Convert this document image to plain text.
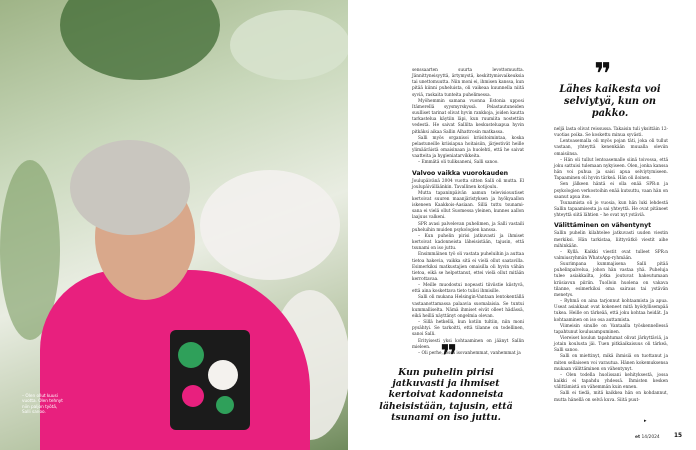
– Olen ollut kuusi vuotta. Olen tehnyt niin paljon työtä, Salli sanoo.

senssaarten suurta levottomuutta. Jännittyneisyyttä, ärtymystä, keskittymisvaikeuksia tai unettomuutta. Niin moni ei, ihmisen kanssa, kun pitää kiinni puheluista, oli vaikeaa kuunnella niitä syviä, raskaita tunteita puhelimessa.

Myöhemmin samana vuonna Estonia upposi Itämerellä syysmyrskyssä. Pelastautuneiden suulliset tarinat olivat hyvin rankkoja, joiden kautta tarkastelua käytiin läpi, kun ruumiita nostettiin vedestä. He saivat Sallilta keskusteluapua hyvin pitkäksi aikaa Sallin Alhattrosin matkassa.

Salli myös organisoi kriisitoimintaa, koska pelastuneille kriisiapua hoitaisiin, järjestivät heille ylimääräistä omaisinaan ja huolehti, että he saivat vaatteita ja hygieniatarvikkeita.

– Emmätä oli tuliksaneni, Salli sanoo.

Valvoo vaikka vuorokauden

Joulupäivänä 2004 vuotta sitten Salli oli mutta. El joulupäivälläänkin. Tavallinen kotijoulu.

Mutta tapaninpäivän aamun televisiouutiset kertoivat suuren maanjäristyksen ja hyökyaallon iskeneen Kaakkois-Aasiaan. Sillä tuttu tsunami-sana ei vielä ollut Suomessa yleinen, kunnes aallon laajuus valkeni.

SPR avasi palvelevan puhelimen, ja Salli vastaili puheluihin muiden psykologien kanssa.

– Kun puhelin pirisi jatkuvasti ja ihmiset kertoivat kadonneista läheisistään, tajusin, että tsunami on iso juttu.

Ensimmäinen työ oli vastata puheluihin ja auttaa tietoa hakevia, vaikka sitä ei vielä ollut saatavilla. Esimerkiksi matkustajien omaisilla oli hyvin vähän tietoa, eikä se helpottanut, ettei vielä ollut mitään kerrottavaa.

– Meille muodostui nopeasti tiiviistie kiistyvä, että aina koskettava tieto tulisi ihmisille.

Salli oli mukana Helsingin-Vantaan lentokentällä vastaanottamassa palaavia suomalaisia. Se tuntui kummalliselta. Nämä ihmiset eivät olleet hädässä, eikä heillä näyttänyt ongelmia olevan.

– Sillä hetkellä, kun kotiin tultiin, niin moni pysähtyi. Se tarkoitti, että tilanne on todellinen, sanoi Salli.

Erityisesti yksi kohtaaminen on jäänyt Sallin mieleen.

– Oli perhe, jossa isovanhemmat, vanhemmat ja

❞
Lähes kaikesta voi selviytyä, kun on pakko.

neljä lasta olivat reissussa. Takaisin tuli yksittäin 12-vuotias poika. Se koskettu minua syvästi.

Lentoasemalla oli myös pojan täti, joka oli tullut vastaan, yhteyttä kenenkään muualla oleviin omaisiinsa.

– Hän oli tullut lentoasemalle siinä toivossa, että joku sattuisi tulemaan nykyiseen. Olen, jonka kanssa hän voi puhua ja saisi apua selviytymiseen. Tapaaminen oli hyvin tärkeä. Hän oli iloinen.

Sen jälkeen häntä ei olla enää SPR:n ja psykologien verkostoihin enää kutsuttu, vaan hän on saanut apua itse.

Tsunamista oli jo vuosia, kun hän luki lehdestä Sallin tapaamisesta ja sai yhteyttä. He ovat pitäneet yhteyttä siitä lähtien – he ovat nyt ystäviä.

Välittäminen on vähentynyt

Sallin puhelin kilahtelee jatkuvasti uuden viestin merkiksi. Hän tarkistaa, liittyvätkö viestit aihe mihinkään.

– Kyllä. Kaikki viestit ovat tulleet SPR:n valmiusryhmän WhatsApp-ryhmään.

Suurimpana kummajisena Salli pitää puhelinpalvelua, johon hän vastaa yhä. Puheluja tulee asiakkailta, jotka joutuvat hakeutumaan kriisiavun piiriin. Tuolloin huolena on vakava tilanne, esimerkiksi oma sairaus tai ystävän menetys.

– Ryhmä on aina tarjonnut kohtaamista ja apua. Useat asiakkaat ovat kokeneet mitä hyödyllisempää tukea. Heille on tärkeää, että joku kohtaa heidät. Ja kohtaaminen on iso osa auttamista.

Viimeisin sinulle on Vantaalla työskennellessä tapahtunut koulusampuminen.

Viereiset koulun tapahtumat olivat järkyttäviä, ja jotain koulusta jäi. Tuen pitkäaikaisuus oli tärkeä, Salli sanoo.

Salli on miettinyt, mikä ihmisiä on tuottanut ja miten sellaiseen voi varautua. Hänen kokemuksensa mukaan välittäminen on vähentynyt.

– Olen todella huolissani kehityksestä, jossa kaikki ei tapahdu yhdessä. Ihmisten kesken välittämistä on vähemmän kuin ennen.

Salli ei tiedä, mitä kaikkea hän on kohdannut, mutta hänellä on selvä kuva. Siitä puut-

❞
Kun puhelin pirisi jatkuvasti ja ihmiset kertoivat kadonneista läheisistään, tajusin, että tsunami on iso juttu.	▸
et 14/2024 15
